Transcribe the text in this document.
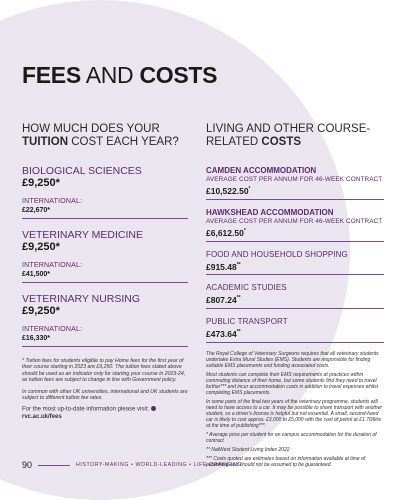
FEES AND COSTS
HOW MUCH DOES YOUR TUITION COST EACH YEAR?
BIOLOGICAL SCIENCES
£9,250*
INTERNATIONAL:
£22,670*
VETERINARY MEDICINE
£9,250*
INTERNATIONAL:
£41,500*
VETERINARY NURSING
£9,250*
INTERNATIONAL:
£16,330*

* Tuition fees for students eligible to pay Home fees for the first year of their course starting in 2023 are £9,250. The tuition fees stated above should be used as an indicator only for starting your course in 2023-24, as tuition fees are subject to change in line with Government policy.

In common with other UK universities, international and UK students are subject to different tuition fee rates.

For the most up-to-date information please visit: rvc.ac.uk/fees

LIVING AND OTHER COURSE-RELATED COSTS
CAMDEN ACCOMMODATION
AVERAGE COST PER ANNUM FOR 46-WEEK CONTRACT
£10,522.50*
HAWKSHEAD ACCOMMODATION
AVERAGE COST PER ANNUM FOR 46-WEEK CONTRACT
£6,612.50*
FOOD AND HOUSEHOLD SHOPPING
£915.48**
ACADEMIC STUDIES
£807.24**
PUBLIC TRANSPORT
£473.64**

The Royal College of Veterinary Surgeons requires that all veterinary students undertake Extra Mural Studies (EMS). Students are responsible for finding suitable EMS placements and funding associated costs.

Most students can complete their EMS requirements at practices within commuting distance of their home, but some students find they need to travel further*** and incur accommodation costs in addition to travel expenses whilst completing EMS placements.

In some parts of the final two years of the veterinary programme, students will need to have access to a car. It may be possible to share transport with another student, so a driver's license is helpful but not essential. A small, second-hand car is likely to cost approx. £3,000 to £5,000 with the cost of petrol at £1.70/litre at the time of publishing***.

* Average price per student for on campus accommodation for the duration of contract

** NatWest Student Living Index 2022

*** Costs quoted are estimates based on information available at time of publishing and should not be assumed to be guaranteed.

90	HISTORY-MAKING • WORLD-LEADING • LIFE-CHANGING
